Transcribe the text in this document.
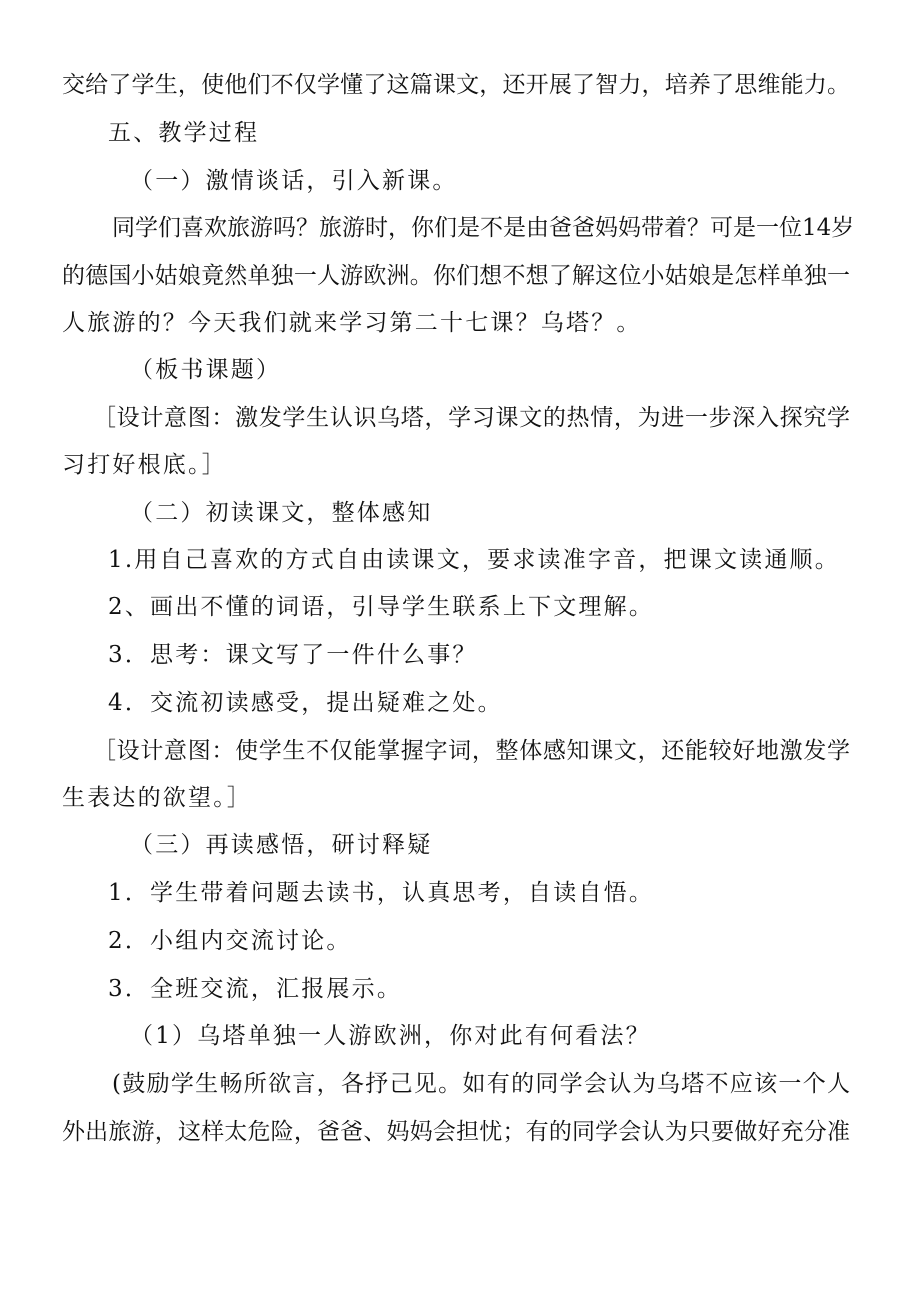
交给了学生，使他们不仅学懂了这篇课文，还开展了智力，培养了思维能力。
五、教学过程
（一）激情谈话，引入新课。
同学们喜欢旅游吗？旅游时，你们是不是由爸爸妈妈带着？可是一位14岁
的德国小姑娘竟然单独一人游欧洲。你们想不想了解这位小姑娘是怎样单独一
人旅游的？今天我们就来学习第二十七课？乌塔？。
（板书课题）
［设计意图：激发学生认识乌塔，学习课文的热情，为进一步深入探究学
习打好根底。］
（二）初读课文，整体感知
1.用自己喜欢的方式自由读课文，要求读准字音，把课文读通顺。
2、画出不懂的词语，引导学生联系上下文理解。
3．思考：课文写了一件什么事？
4．交流初读感受，提出疑难之处。
［设计意图：使学生不仅能掌握字词，整体感知课文，还能较好地激发学
生表达的欲望。］
（三）再读感悟，研讨释疑
1．学生带着问题去读书，认真思考，自读自悟。
2．小组内交流讨论。
3．全班交流，汇报展示。
（1）乌塔单独一人游欧洲，你对此有何看法？
(鼓励学生畅所欲言，各抒己见。如有的同学会认为乌塔不应该一个人
外出旅游，这样太危险，爸爸、妈妈会担忧；有的同学会认为只要做好充分准
